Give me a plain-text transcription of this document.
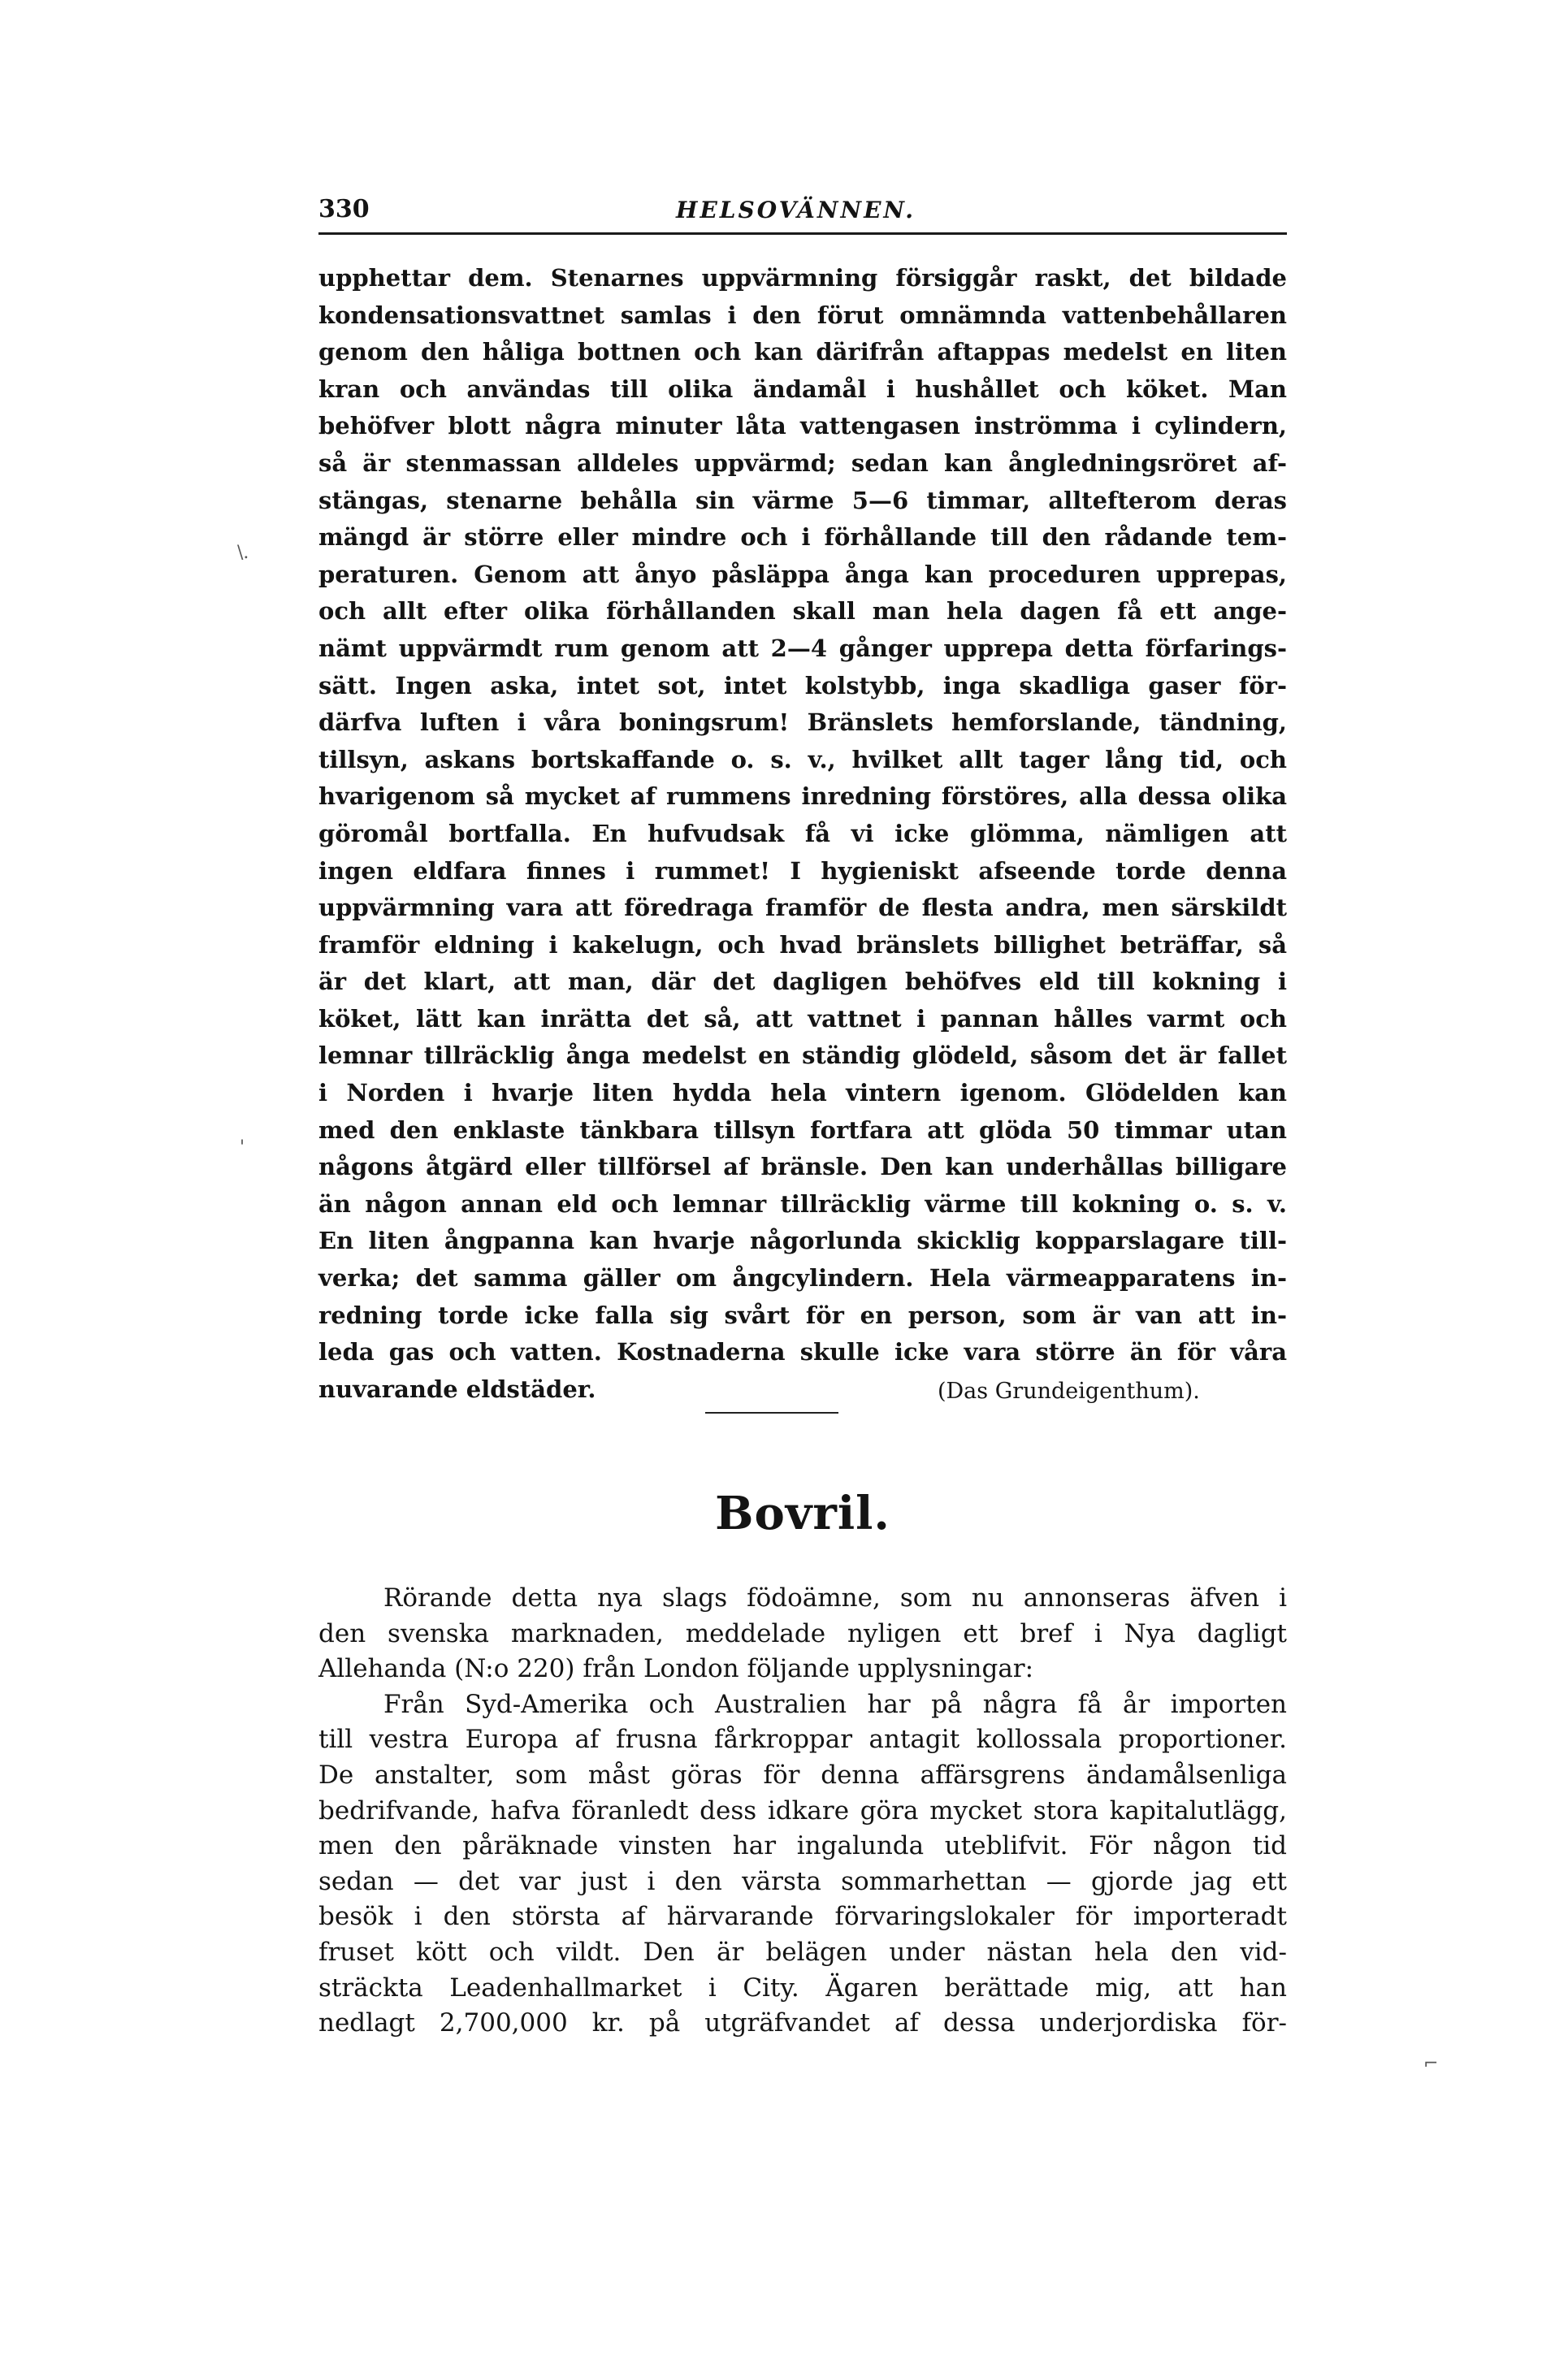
330	HELSOVÄNNEN.
upphettar dem. Stenarnes uppvärmning försiggår raskt, det bildade
kondensationsvattnet samlas i den förut omnämnda vattenbehållaren
genom den håliga bottnen och kan därifrån aftappas medelst en liten
kran och användas till olika ändamål i hushållet och köket. Man
behöfver blott några minuter låta vattengasen inströmma i cylindern,
så är stenmassan alldeles uppvärmd; sedan kan ångledningsröret af-
stängas, stenarne behålla sin värme 5—6 timmar, alltefterom deras
mängd är större eller mindre och i förhållande till den rådande tem-
peraturen. Genom att ånyo påsläppa ånga kan proceduren upprepas,
och allt efter olika förhållanden skall man hela dagen få ett ange-
nämt uppvärmdt rum genom att 2—4 gånger upprepa detta förfarings-
sätt. Ingen aska, intet sot, intet kolstybb, inga skadliga gaser för-
därfva luften i våra boningsrum! Bränslets hemforslande, tändning,
tillsyn, askans bortskaffande o. s. v., hvilket allt tager lång tid, och
hvarigenom så mycket af rummens inredning förstöres, alla dessa olika
göromål bortfalla. En hufvudsak få vi icke glömma, nämligen att
ingen eldfara finnes i rummet! I hygieniskt afseende torde denna
uppvärmning vara att föredraga framför de flesta andra, men särskildt
framför eldning i kakelugn, och hvad bränslets billighet beträffar, så
är det klart, att man, där det dagligen behöfves eld till kokning i
köket, lätt kan inrätta det så, att vattnet i pannan hålles varmt och
lemnar tillräcklig ånga medelst en ständig glödeld, såsom det är fallet
i Norden i hvarje liten hydda hela vintern igenom. Glödelden kan
med den enklaste tänkbara tillsyn fortfara att glöda 50 timmar utan
någons åtgärd eller tillförsel af bränsle. Den kan underhållas billigare
än någon annan eld och lemnar tillräcklig värme till kokning o. s. v.
En liten ångpanna kan hvarje någorlunda skicklig kopparslagare till-
verka; det samma gäller om ångcylindern. Hela värmeapparatens in-
redning torde icke falla sig svårt för en person, som är van att in-
leda gas och vatten. Kostnaderna skulle icke vara större än för våra
nuvarande eldstäder.	(Das Grundeigenthum).
Bovril.
Rörande detta nya slags födoämne, som nu annonseras äfven i
den svenska marknaden, meddelade nyligen ett bref i Nya dagligt
Allehanda (N:o 220) från London följande upplysningar:
Från Syd-Amerika och Australien har på några få år importen
till vestra Europa af frusna fårkroppar antagit kollossala proportioner.
De anstalter, som måst göras för denna affärsgrens ändamålsenliga
bedrifvande, hafva föranledt dess idkare göra mycket stora kapitalutlägg,
men den påräknade vinsten har ingalunda uteblifvit. För någon tid
sedan — det var just i den värsta sommarhettan — gjorde jag ett
besök i den största af härvarande förvaringslokaler för importeradt
fruset kött och vildt. Den är belägen under nästan hela den vid-
sträckta Leadenhallmarket i City. Ägaren berättade mig, att han
nedlagt 2,700,000 kr. på utgräfvandet af dessa underjordiska för-
\.
'
⌐
